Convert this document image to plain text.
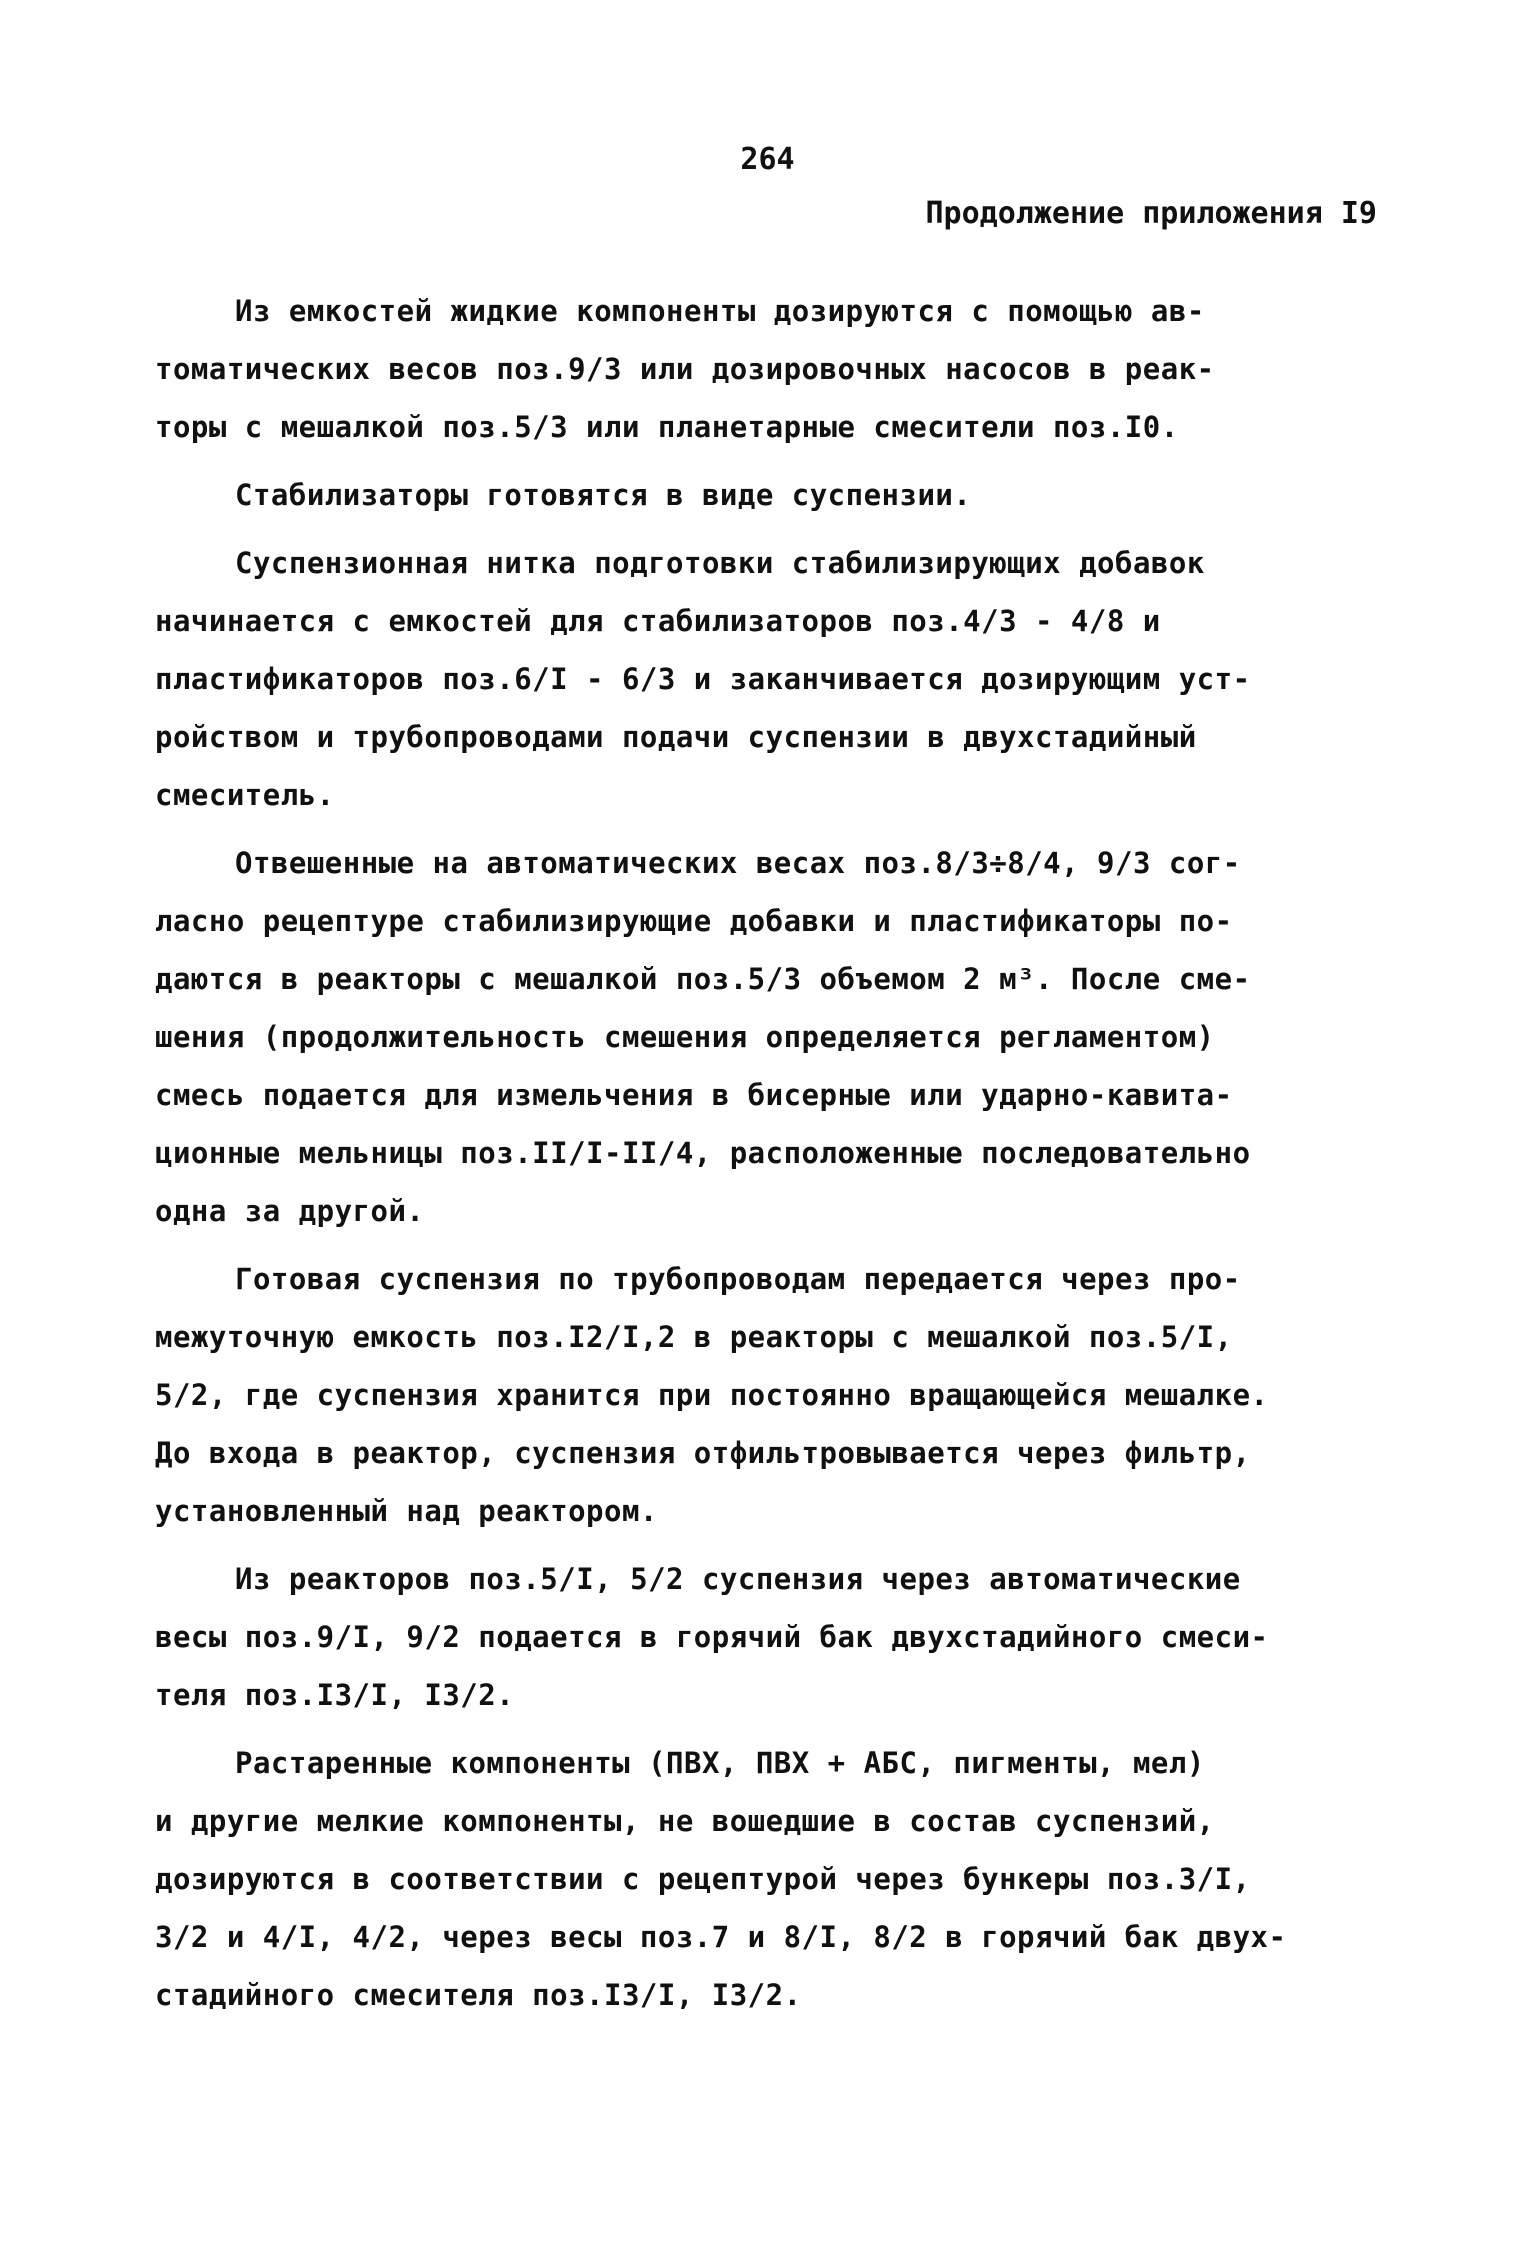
264
Продолжение приложения I9
Из емкостей жидкие компоненты дозируются с помощью ав-
томатических весов поз.9/3 или дозировочных насосов в реак-
торы с мешалкой поз.5/3 или планетарные смесители поз.I0.
Стабилизаторы готовятся в виде суспензии.
Суспензионная нитка подготовки стабилизирующих добавок
начинается с емкостей для стабилизаторов поз.4/3 - 4/8 и
пластификаторов поз.6/I - 6/3 и заканчивается дозирующим уст-
ройством и трубопроводами подачи суспензии в двухстадийный
смеситель.
Отвешенные на автоматических весах поз.8/3÷8/4, 9/3 сог-
ласно рецептуре стабилизирующие добавки и пластификаторы по-
даются в реакторы с мешалкой поз.5/3 объемом 2 м³. После сме-
шения (продолжительность смешения определяется регламентом)
смесь подается для измельчения в бисерные или ударно-кавита-
ционные мельницы поз.II/I-II/4, расположенные последовательно
одна за другой.
Готовая суспензия по трубопроводам передается через про-
межуточную емкость поз.I2/I,2 в реакторы с мешалкой поз.5/I,
5/2, где суспензия хранится при постоянно вращающейся мешалке.
До входа в реактор, суспензия отфильтровывается через фильтр,
установленный над реактором.
Из реакторов поз.5/I, 5/2 суспензия через автоматические
весы поз.9/I, 9/2 подается в горячий бак двухстадийного смеси-
теля поз.I3/I, I3/2.
Растаренные компоненты (ПВХ, ПВХ + АБС, пигменты, мел)
и другие мелкие компоненты, не вошедшие в состав суспензий,
дозируются в соответствии с рецептурой через бункеры поз.3/I,
3/2 и 4/I, 4/2, через весы поз.7 и 8/I, 8/2 в горячий бак двух-
стадийного смесителя поз.I3/I, I3/2.
